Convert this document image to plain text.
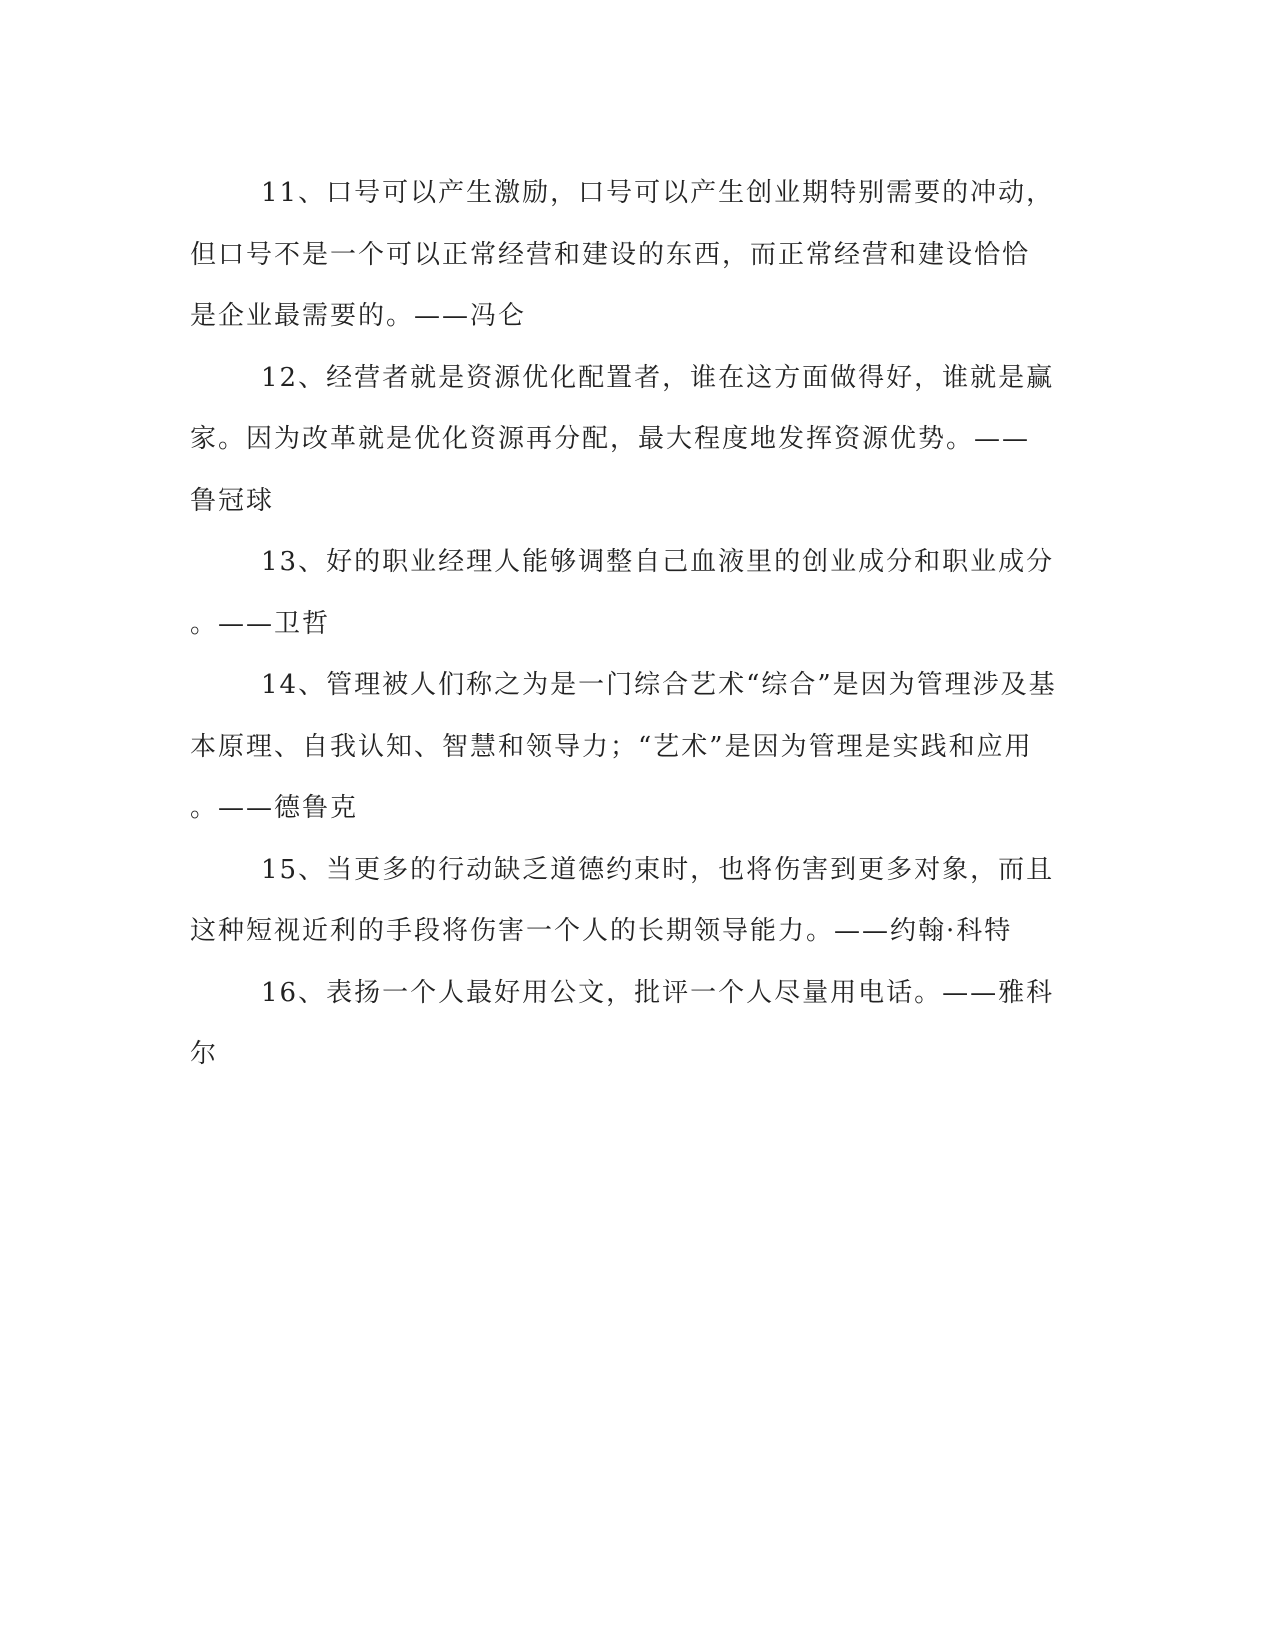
11、口号可以产生激励，口号可以产生创业期特别需要的冲动，
但口号不是一个可以正常经营和建设的东西，而正常经营和建设恰恰
是企业最需要的。——冯仑

12、经营者就是资源优化配置者，谁在这方面做得好，谁就是赢
家。因为改革就是优化资源再分配，最大程度地发挥资源优势。——
鲁冠球

13、好的职业经理人能够调整自己血液里的创业成分和职业成分
。——卫哲

14、管理被人们称之为是一门综合艺术“综合”是因为管理涉及基
本原理、自我认知、智慧和领导力；“艺术”是因为管理是实践和应用
。——德鲁克

15、当更多的行动缺乏道德约束时，也将伤害到更多对象，而且
这种短视近利的手段将伤害一个人的长期领导能力。——约翰·科特

16、表扬一个人最好用公文，批评一个人尽量用电话。——雅科
尔
